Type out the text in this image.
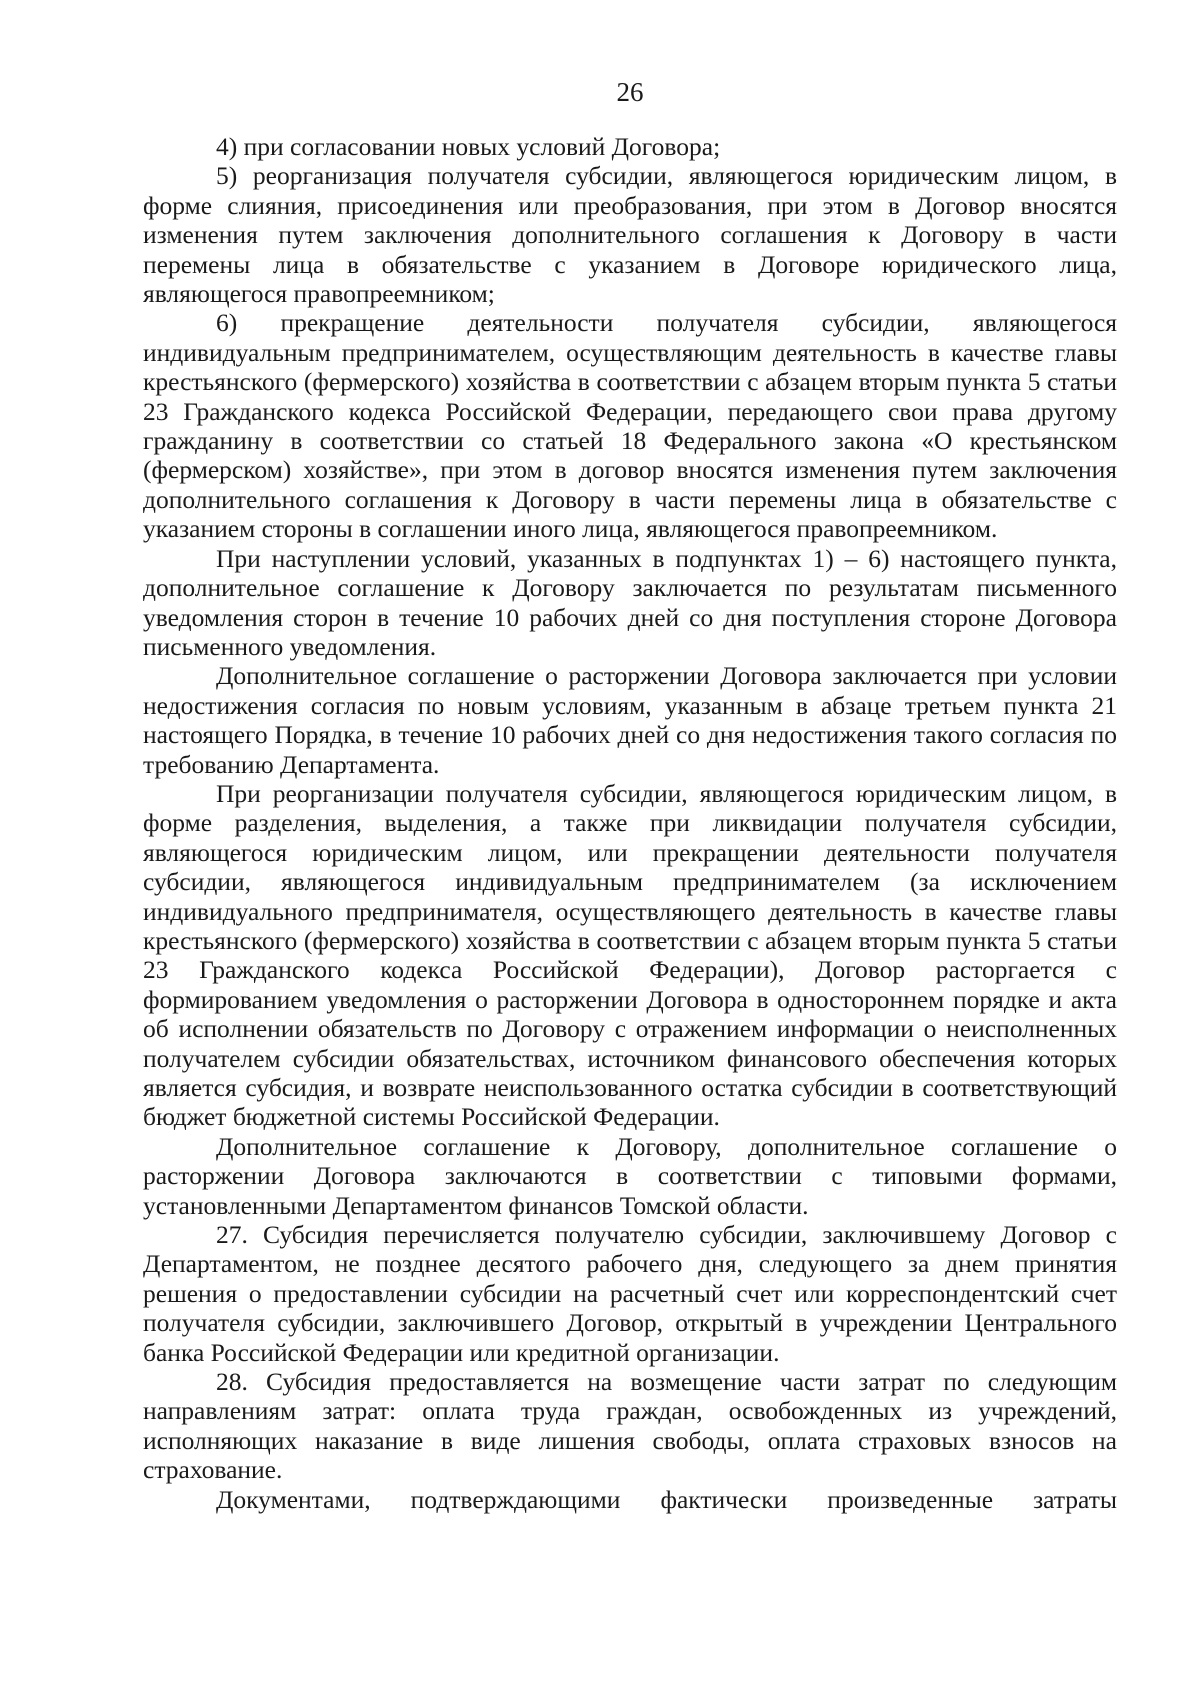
26

4) при согласовании новых условий Договора;

5) реорганизация получателя субсидии, являющегося юридическим лицом, в форме слияния, присоединения или преобразования, при этом в Договор вносятся изменения путем заключения дополнительного соглашения к Договору в части перемены лица в обязательстве с указанием в Договоре юридического лица, являющегося правопреемником;

6) прекращение деятельности получателя субсидии, являющегося индивидуальным предпринимателем, осуществляющим деятельность в качестве главы крестьянского (фермерского) хозяйства в соответствии с абзацем вторым пункта 5 статьи 23 Гражданского кодекса Российской Федерации, передающего свои права другому гражданину в соответствии со статьей 18 Федерального закона «О крестьянском (фермерском) хозяйстве», при этом в договор вносятся изменения путем заключения дополнительного соглашения к Договору в части перемены лица в обязательстве с указанием стороны в соглашении иного лица, являющегося правопреемником.

При наступлении условий, указанных в подпунктах 1) – 6) настоящего пункта, дополнительное соглашение к Договору заключается по результатам письменного уведомления сторон в течение 10 рабочих дней со дня поступления стороне Договора письменного уведомления.

Дополнительное соглашение о расторжении Договора заключается при условии недостижения согласия по новым условиям, указанным в абзаце третьем пункта 21 настоящего Порядка, в течение 10 рабочих дней со дня недостижения такого согласия по требованию Департамента.

При реорганизации получателя субсидии, являющегося юридическим лицом, в форме разделения, выделения, а также при ликвидации получателя субсидии, являющегося юридическим лицом, или прекращении деятельности получателя субсидии, являющегося индивидуальным предпринимателем (за исключением индивидуального предпринимателя, осуществляющего деятельность в качестве главы крестьянского (фермерского) хозяйства в соответствии с абзацем вторым пункта 5 статьи 23 Гражданского кодекса Российской Федерации), Договор расторгается с формированием уведомления о расторжении Договора в одностороннем порядке и акта об исполнении обязательств по Договору с отражением информации о неисполненных получателем субсидии обязательствах, источником финансового обеспечения которых является субсидия, и возврате неиспользованного остатка субсидии в соответствующий бюджет бюджетной системы Российской Федерации.

Дополнительное соглашение к Договору, дополнительное соглашение о расторжении Договора заключаются в соответствии с типовыми формами, установленными Департаментом финансов Томской области.

27. Субсидия перечисляется получателю субсидии, заключившему Договор с Департаментом, не позднее десятого рабочего дня, следующего за днем принятия решения о предоставлении субсидии на расчетный счет или корреспондентский счет получателя субсидии, заключившего Договор, открытый в учреждении Центрального банка Российской Федерации или кредитной организации.

28. Субсидия предоставляется на возмещение части затрат по следующим направлениям затрат: оплата труда граждан, освобожденных из учреждений, исполняющих наказание в виде лишения свободы, оплата страховых взносов на страхование.

Документами, подтверждающими фактически произведенные затраты
